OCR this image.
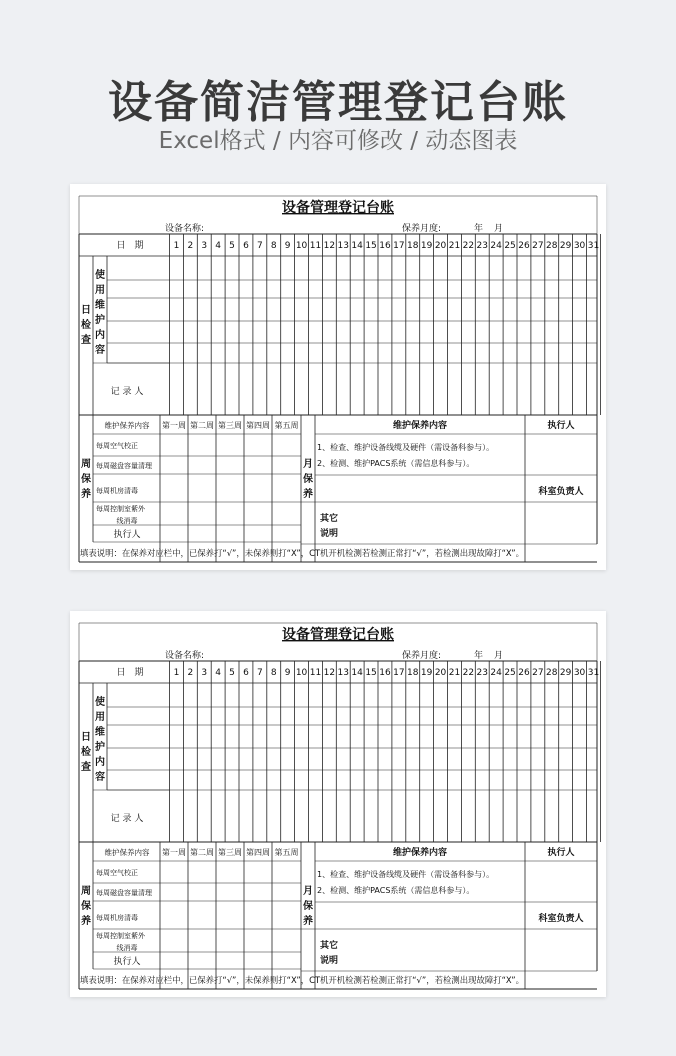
设备简洁管理登记台账
Excel格式 / 内容可修改 / 动态图表
设备管理登记台账
设备名称:	保养月度:	年 月
日　期	1 2 3 4 5 6 7 8 9 10 11 12 13 14 15 16 17 18 19 20 21 22 23 24 25 26 27 28 29 30 31
日
检
查
使
用
维
护
内
容
记 录 人
维护保养内容 第一周 第二周 第三周 第四周 第五周
每周空气校正
每周磁盘容量清理
每周机房清毒
每周控制室紫外
线消毒
周
保
养
执行人
维护保养内容	执行人
1、检查、维护设备线缆及硬件（需设备科参与）。
2、检测、维护PACS系统（需信息科参与）。
月
保
养	科室负责人
其它
说明
填表说明：在保养对应栏中，已保养打“√”，未保养则打“X”，CT机开机检测若检测正常打“√”，若检测出现故障打“X”。
设备管理登记台账
设备名称:	保养月度:	年 月
日　期	1 2 3 4 5 6 7 8 9 10 11 12 13 14 15 16 17 18 19 20 21 22 23 24 25 26 27 28 29 30 31
日
检
查
使
用
维
护
内
容
记 录 人
维护保养内容 第一周 第二周 第三周 第四周 第五周
每周空气校正
每周磁盘容量清理
每周机房清毒
每周控制室紫外
线消毒
周
保
养
执行人
维护保养内容	执行人
1、检查、维护设备线缆及硬件（需设备科参与）。
2、检测、维护PACS系统（需信息科参与）。
月
保
养	科室负责人
其它
说明
填表说明：在保养对应栏中，已保养打“√”，未保养则打“X”，CT机开机检测若检测正常打“√”，若检测出现故障打“X”。
